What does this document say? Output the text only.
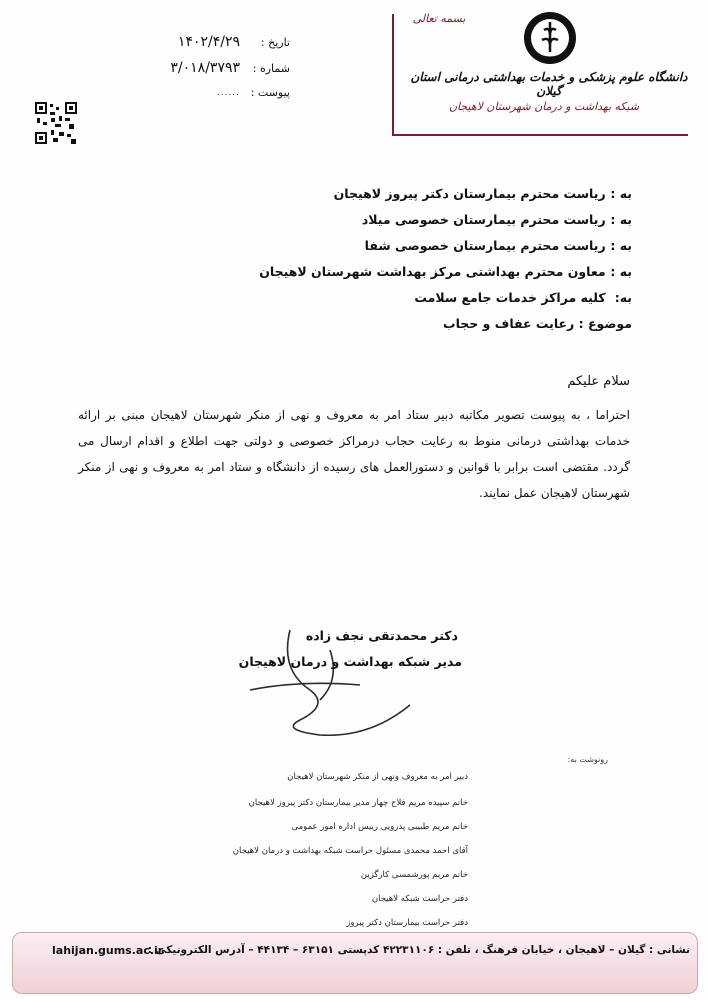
بسمه تعالی
دانشگاه علوم پزشکی و خدمات بهداشتی درمانی استان گیلان
شبکه بهداشت و درمان شهرستان لاهیجان
تاریخ :
۱۴۰۲/۴/۲۹
شماره :
۳/۰۱۸/۳۷۹۳
پیوست :
......
به : ریاست محترم بیمارستان دکتر پیروز لاهیجان
به : ریاست محترم بیمارستان خصوصی میلاد
به : ریاست محترم بیمارستان خصوصی شفا
به : معاون محترم بهداشتی مرکز بهداشت شهرستان لاهیجان
به: کلیه مراکز خدمات جامع سلامت
موضوع : رعایت عفاف و حجاب
سلام علیکم
احتراما ، به پیوست تصویر مکاتبه دبیر ستاد امر به معروف و نهی از منکر شهرستان لاهیجان مبنی بر ارائه خدمات بهداشتی درمانی منوط به رعایت حجاب درمراکز خصوصی و دولتی جهت اطلاع و اقدام ارسال می گردد. مقتضی است برابر با قوانین و دستورالعمل های رسیده از دانشگاه و ستاد امر به معروف و نهی از منکر شهرستان لاهیجان عمل نمایند.
دکتر محمدتقی نجف زاده
مدیر شبکه بهداشت و درمان لاهیجان
رونوشت به:
دبیر امر به معروف ونهی از منکر شهرستان لاهیجان
خانم سپیده مریم فلاح چهار مدیر بیمارستان دکتر پیروز لاهیجان
خانم مریم طبیبی پدرویی رییس اداره امور عمومی
آقای احمد محمدی مسئول حراست شبکه بهداشت و درمان لاهیجان
خانم مریم پورشمسی کارگزین
دفتر حراست شبکه لاهیجان
دفتر حراست بیمارستان دکتر پیروز
نشانی : گیلان – لاهیجان ، خیابان فرهنگ ، تلفن : ۴۲۲۳۱۱۰۶ کدپستی ۶۳۱۵۱ – ۴۴۱۳۴ – آدرس الکترونیکی :
lahijan.gums.ac.ir
